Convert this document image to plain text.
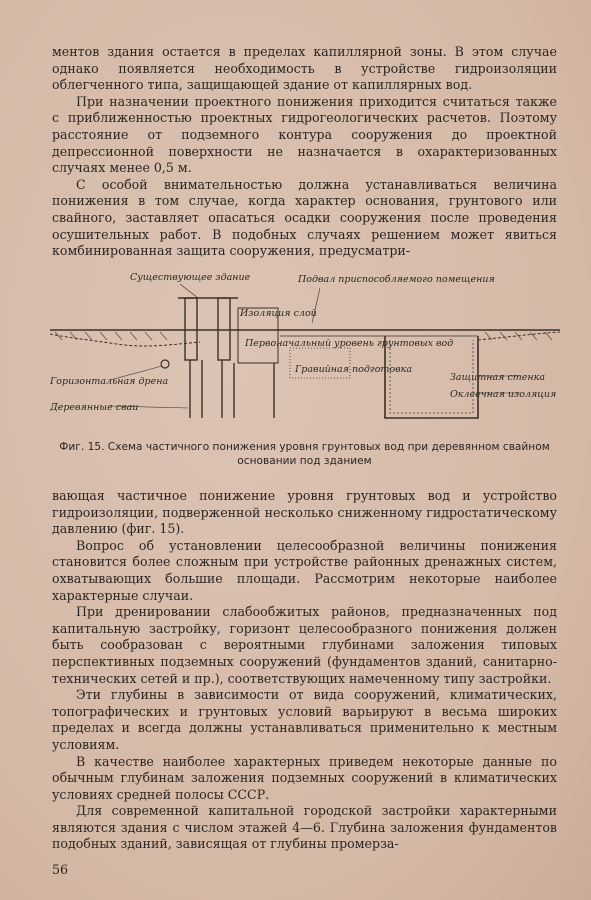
ментов здания остается в пределах капиллярной зоны. В этом случае однако появляется необходимость в устройстве гидроизоляции облегченного типа, защищающей здание от капиллярных вод.

При назначении проектного понижения приходится считаться также с приближенностью проектных гидрогеологических расчетов. Поэтому расстояние от подземного контура сооружения до проектной депрессионной поверхности не назначается в охарактеризованных случаях менее 0,5 м.

С особой внимательностью должна устанавливаться величина понижения в том случае, когда характер основания, грунтового или свайного, заставляет опасаться осадки сооружения после проведения осушительных работ. В подобных случаях решением может явиться комбинированная защита сооружения, предусматри-

Существующее здание	Подвал приспособляемого помещения
Изоляция слой
Первоначальный уровень грунтовых вод
Горизонтальная дрена
Деревянные сваи
Гравийная подготовка
Защитная стенка
Оклеечная изоляция
Фиг. 15. Схема частичного понижения уровня грунтовых вод при деревянном свайном основании под зданием

вающая частичное понижение уровня грунтовых вод и устройство гидроизоляции, подверженной несколько сниженному гидростатическому давлению (фиг. 15).

Вопрос об установлении целесообразной величины понижения становится более сложным при устройстве районных дренажных систем, охватывающих большие площади. Рассмотрим некоторые наиболее характерные случаи.

При дренировании слабообжитых районов, предназначенных под капитальную застройку, горизонт целесообразного понижения должен быть сообразован с вероятными глубинами заложения типовых перспективных подземных сооружений (фундаментов зданий, санитарно-технических сетей и пр.), соответствующих намеченному типу застройки.

Эти глубины в зависимости от вида сооружений, климатических, топографических и грунтовых условий варьируют в весьма широких пределах и всегда должны устанавливаться применительно к местным условиям.

В качестве наиболее характерных приведем некоторые данные по обычным глубинам заложения подземных сооружений в климатических условиях средней полосы СССР.

Для современной капитальной городской застройки характерными являются здания с числом этажей 4—6. Глубина заложения фундаментов подобных зданий, зависящая от глубины промерза-

56
